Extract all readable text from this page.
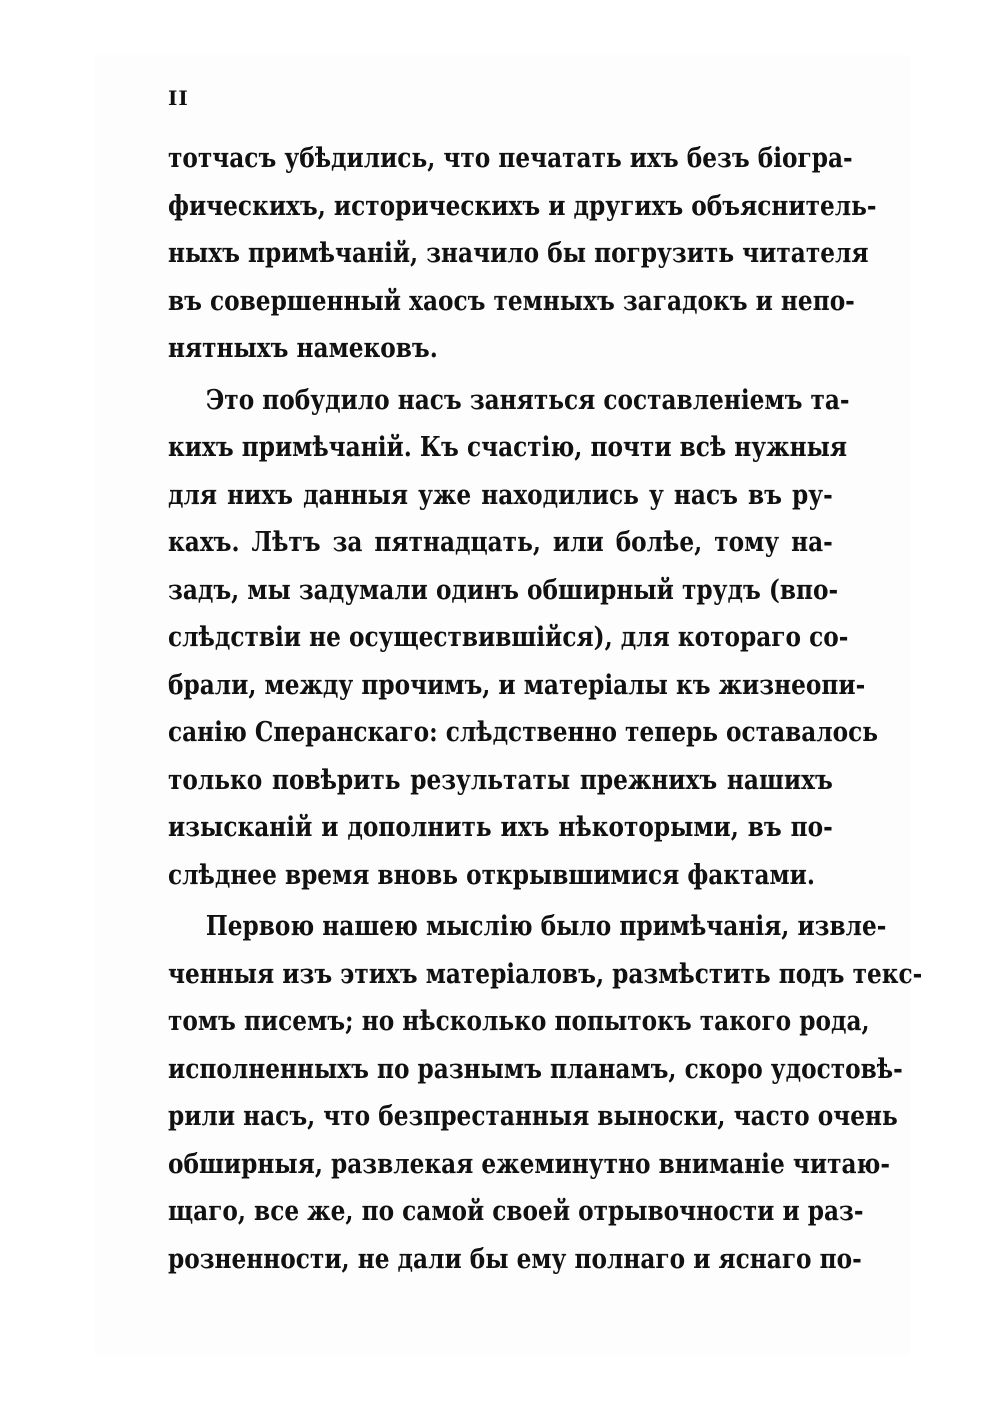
II
тотчасъ убѣдились, что печатать ихъ безъ біогра-
фическихъ, историческихъ и другихъ объяснитель-
ныхъ примѣчаній, значило бы погрузить читателя
въ совершенный хаосъ темныхъ загадокъ и непо-
нятныхъ намековъ.
Это побудило насъ заняться составленіемъ та-
кихъ примѣчаній. Къ счастію, почти всѣ нужныя
для нихъ данныя уже находились у насъ въ ру-
кахъ. Лѣтъ за пятнадцать, или болѣе, тому на-
задъ, мы задумали одинъ обширный трудъ (впо-
слѣдствіи не осуществившійся), для котораго со-
брали, между прочимъ, и матеріалы къ жизнеопи-
санію Сперанскаго: слѣдственно теперь оставалось
только повѣрить результаты прежнихъ нашихъ
изысканій и дополнить ихъ нѣкоторыми, въ по-
слѣднее время вновь открывшимися фактами.
Первою нашею мыслію было примѣчанія, извле-
ченныя изъ этихъ матеріаловъ, размѣстить подъ текс-
томъ писемъ; но нѣсколько попытокъ такого рода,
исполненныхъ по разнымъ планамъ, скоро удостовѣ-
рили насъ, что безпрестанныя выноски, часто очень
обширныя, развлекая ежеминутно вниманіе читаю-
щаго, все же, по самой своей отрывочности и раз-
розненности, не дали бы ему полнаго и яснаго по-
